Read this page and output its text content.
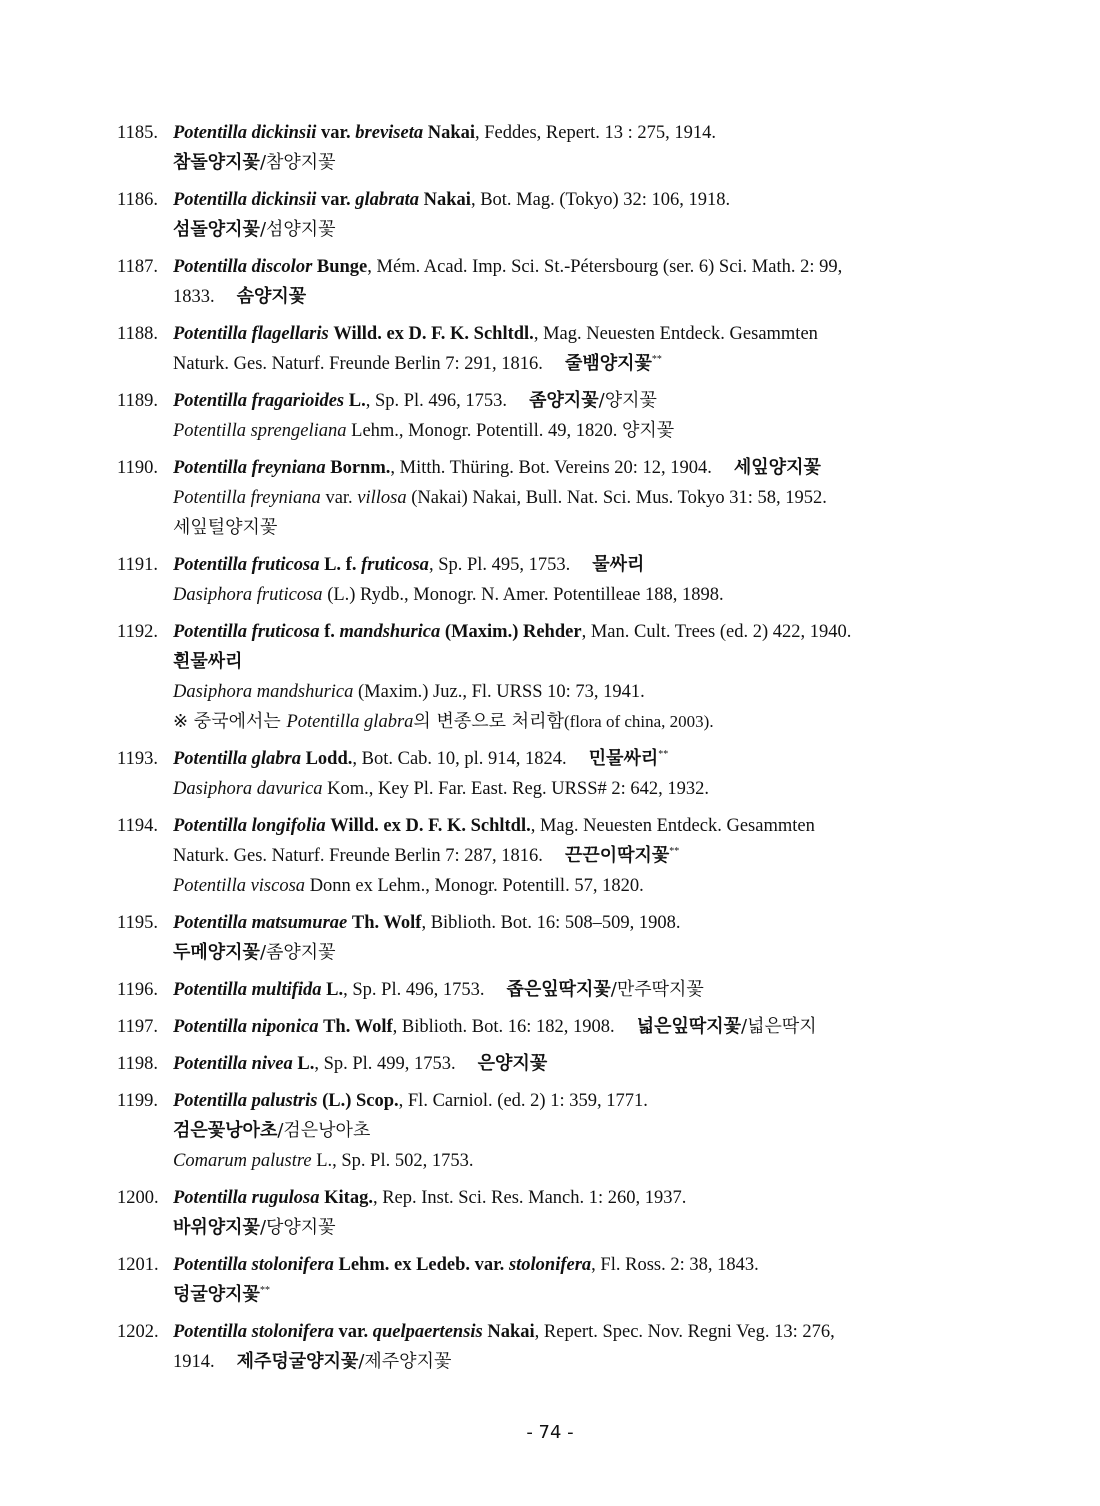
1185. Potentilla dickinsii var. breviseta Nakai, Feddes, Repert. 13 : 275, 1914.
참돌양지꽃/참양지꽃
1186. Potentilla dickinsii var. glabrata Nakai, Bot. Mag. (Tokyo) 32: 106, 1918.
섬돌양지꽃/섬양지꽃
1187. Potentilla discolor Bunge, Mém. Acad. Imp. Sci. St.-Pétersbourg (ser. 6) Sci. Math. 2: 99,
1833. 솜양지꽃
1188. Potentilla flagellaris Willd. ex D. F. K. Schltdl., Mag. Neuesten Entdeck. Gesammten
Naturk. Ges. Naturf. Freunde Berlin 7: 291, 1816. 줄뱀양지꽃**
1189. Potentilla fragarioides L., Sp. Pl. 496, 1753. 좀양지꽃/양지꽃
Potentilla sprengeliana Lehm., Monogr. Potentill. 49, 1820. 양지꽃
1190. Potentilla freyniana Bornm., Mitth. Thüring. Bot. Vereins 20: 12, 1904. 세잎양지꽃
Potentilla freyniana var. villosa (Nakai) Nakai, Bull. Nat. Sci. Mus. Tokyo 31: 58, 1952.
세잎털양지꽃
1191. Potentilla fruticosa L. f. fruticosa, Sp. Pl. 495, 1753. 물싸리
Dasiphora fruticosa (L.) Rydb., Monogr. N. Amer. Potentilleae 188, 1898.
1192. Potentilla fruticosa f. mandshurica (Maxim.) Rehder, Man. Cult. Trees (ed. 2) 422, 1940.
흰물싸리
Dasiphora mandshurica (Maxim.) Juz., Fl. URSS 10: 73, 1941.
※ 중국에서는 Potentilla glabra의 변종으로 처리함(flora of china, 2003).
1193. Potentilla glabra Lodd., Bot. Cab. 10, pl. 914, 1824. 민물싸리**
Dasiphora davurica Kom., Key Pl. Far. East. Reg. URSS# 2: 642, 1932.
1194. Potentilla longifolia Willd. ex D. F. K. Schltdl., Mag. Neuesten Entdeck. Gesammten
Naturk. Ges. Naturf. Freunde Berlin 7: 287, 1816. 끈끈이딱지꽃**
Potentilla viscosa Donn ex Lehm., Monogr. Potentill. 57, 1820.
1195. Potentilla matsumurae Th. Wolf, Biblioth. Bot. 16: 508–509, 1908.
두메양지꽃/좀양지꽃
1196. Potentilla multifida L., Sp. Pl. 496, 1753. 좁은잎딱지꽃/만주딱지꽃
1197. Potentilla niponica Th. Wolf, Biblioth. Bot. 16: 182, 1908. 넓은잎딱지꽃/넓은딱지
1198. Potentilla nivea L., Sp. Pl. 499, 1753. 은양지꽃
1199. Potentilla palustris (L.) Scop., Fl. Carniol. (ed. 2) 1: 359, 1771.
검은꽃낭아초/검은낭아초
Comarum palustre L., Sp. Pl. 502, 1753.
1200. Potentilla rugulosa Kitag., Rep. Inst. Sci. Res. Manch. 1: 260, 1937.
바위양지꽃/당양지꽃
1201. Potentilla stolonifera Lehm. ex Ledeb. var. stolonifera, Fl. Ross. 2: 38, 1843.
덩굴양지꽃**
1202. Potentilla stolonifera var. quelpaertensis Nakai, Repert. Spec. Nov. Regni Veg. 13: 276,
1914. 제주덩굴양지꽃/제주양지꽃
- 74 -
